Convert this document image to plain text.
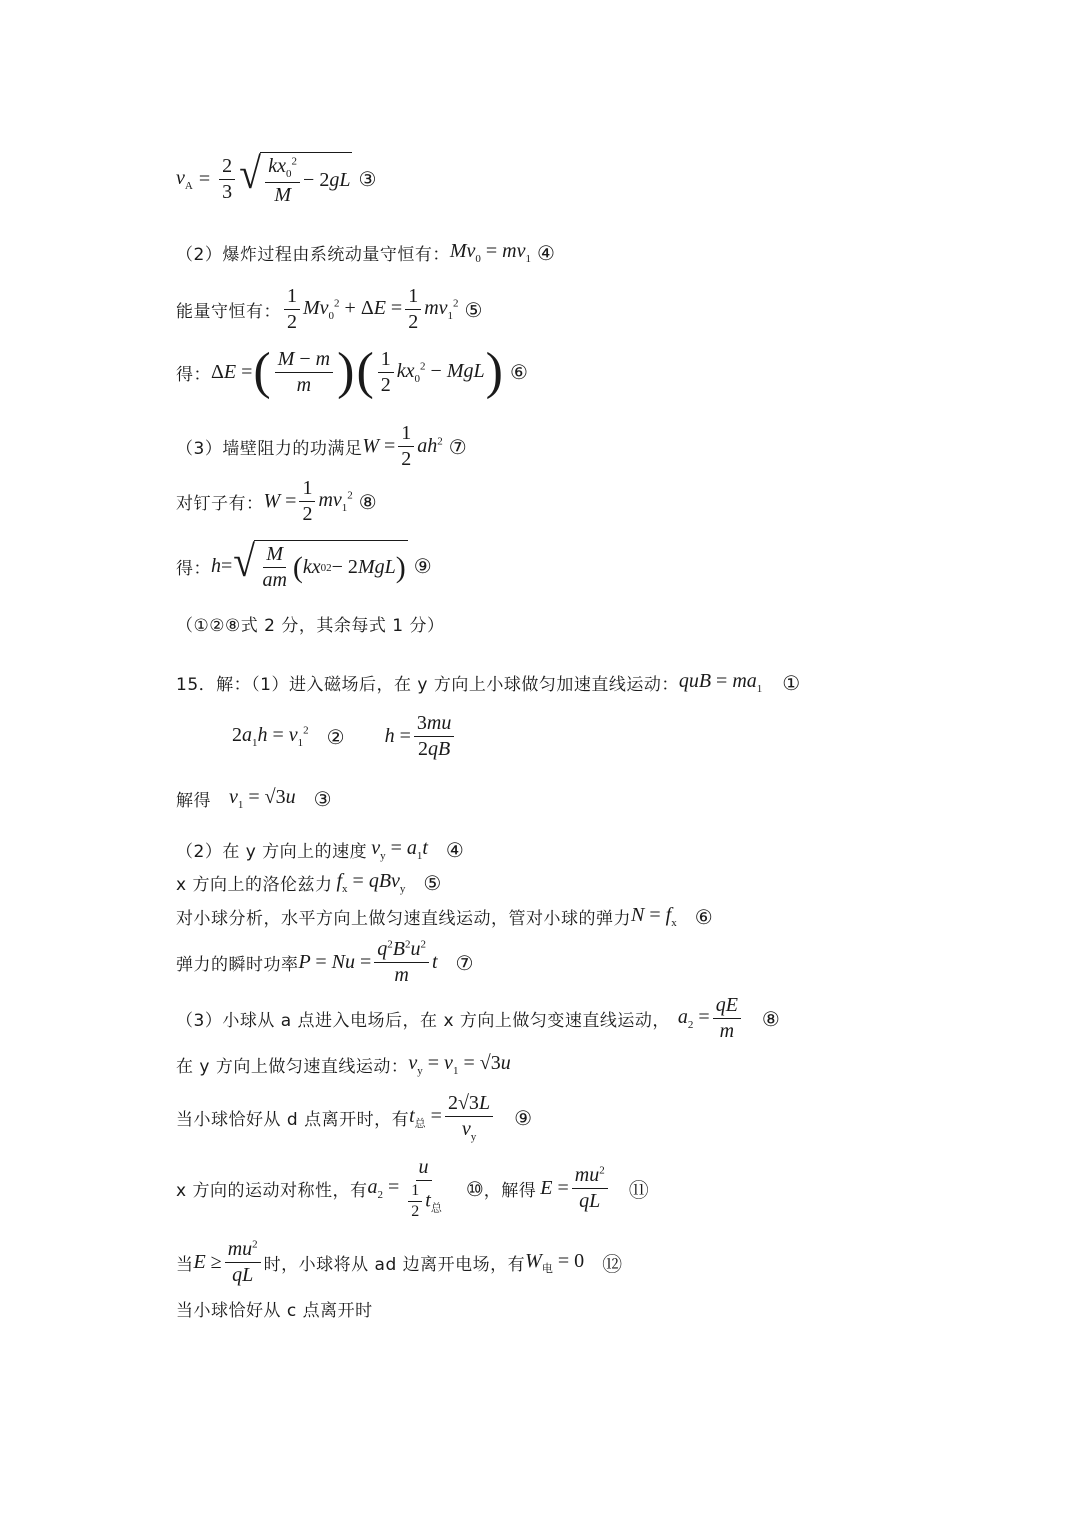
$v_A = \frac{2}{3}$ √ $\frac{kx_0^2}{M} - 2$ gL ③
（2）爆炸过程由系统动量守恒有： $Mv_0 = mv_1$ ④
能量守恒有： $\frac{1}{2} Mv_0^2 + \Delta E = \frac{1}{2} mv_1^2$ ⑤
得： ΔE = ( $\frac{M - m}{m}$ ) ( $\frac{1}{2} kx_0^2$ − MgL ) ⑥
（3）墙壁阻力的功满足 $W = \frac{1}{2} ah^2$ ⑦
对钉子有： $W = \frac{1}{2} mv_1^2$ ⑧
得： h= √ $\frac{M}{am}$ ( kx 0 2 − 2 MgL ) ⑨
（①②⑧式 2 分，其余每式 1 分）
15．解：（1）进入磁场后，在 y 方向上小球做匀加速直线运动： quB = $ma_1$ ①
$2a_1h = v_1^2$ ② $h = \frac{3mu}{2qB}$
解得 $v_1 = √3u$ ③
（2）在 y 方向上的速度 $v_y = a_1t$ ④
x 方向上的洛伦兹力 $f_x = qBv_y$ ⑤
对小球分析，水平方向上做匀速直线运动，管对小球的弹力 $N = f_x$ ⑥
弹力的瞬时功率 $P = Nu = \frac{q^2B^2u^2}{m}$ t ⑦
（3）小球从 a 点进入电场后，在 x 方向上做匀变速直线运动， $a_2 = \frac{qE}{m}$ ⑧
在 y 方向上做匀速直线运动： $v_y = v_1 = √3u$
当小球恰好从 d 点离开时，有 $t_总 = \frac{2√3L}{v_y}$ ⑨
x 方向的运动对称性，有 $a_2 = \frac{u}{\frac{1}{2} t_总}$ ⑩ ，解得 $E = \frac{mu^2}{qL}$ ⑪
当 $E \ge \frac{mu^2}{qL}$ 时，小球将从 ad 边离开电场，有 $W_电 = 0$ ⑫
当小球恰好从 c 点离开时
